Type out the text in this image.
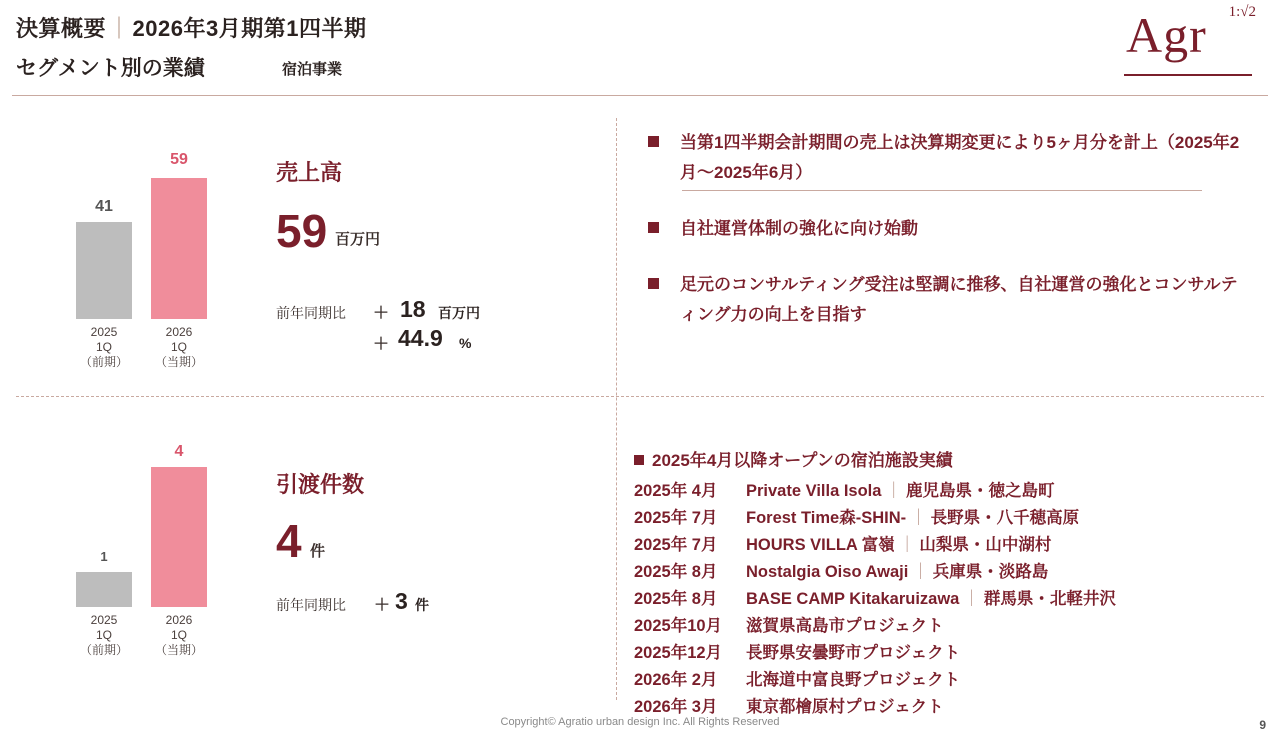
決算概要｜2026年3月期第1四半期
セグメント別の業績	宿泊事業
Agr 1:√2
41
2025
1Q
（前期）
59
2026
1Q
（当期）
売上高
59 百万円
前年同期比 ＋ 18 百万円
＋ 44.9 %
1
2025
1Q
（前期）
4
2026
1Q
（当期）
引渡件数
4 件
前年同期比 ＋ 3 件
当第1四半期会計期間の売上は決算期変更により5ヶ月分を計上（2025年2月〜2025年6月）
自社運営体制の強化に向け始動
足元のコンサルティング受注は堅調に推移、自社運営の強化とコンサルティング力の向上を目指す
2025年4月以降オープンの宿泊施設実績
2025年 4月	Private Villa Isola ｜ 鹿児島県・徳之島町
2025年 7月	Forest Time森-SHIN- ｜ 長野県・八千穂高原
2025年 7月	HOURS VILLA 富嶺 ｜ 山梨県・山中湖村
2025年 8月	Nostalgia Oiso Awaji ｜ 兵庫県・淡路島
2025年 8月	BASE CAMP Kitakaruizawa ｜ 群馬県・北軽井沢
2025年10月	滋賀県高島市プロジェクト
2025年12月	長野県安曇野市プロジェクト
2026年 2月	北海道中富良野プロジェクト
2026年 3月	東京都檜原村プロジェクト
Copyright© Agratio urban design Inc. All Rights Reserved	9
